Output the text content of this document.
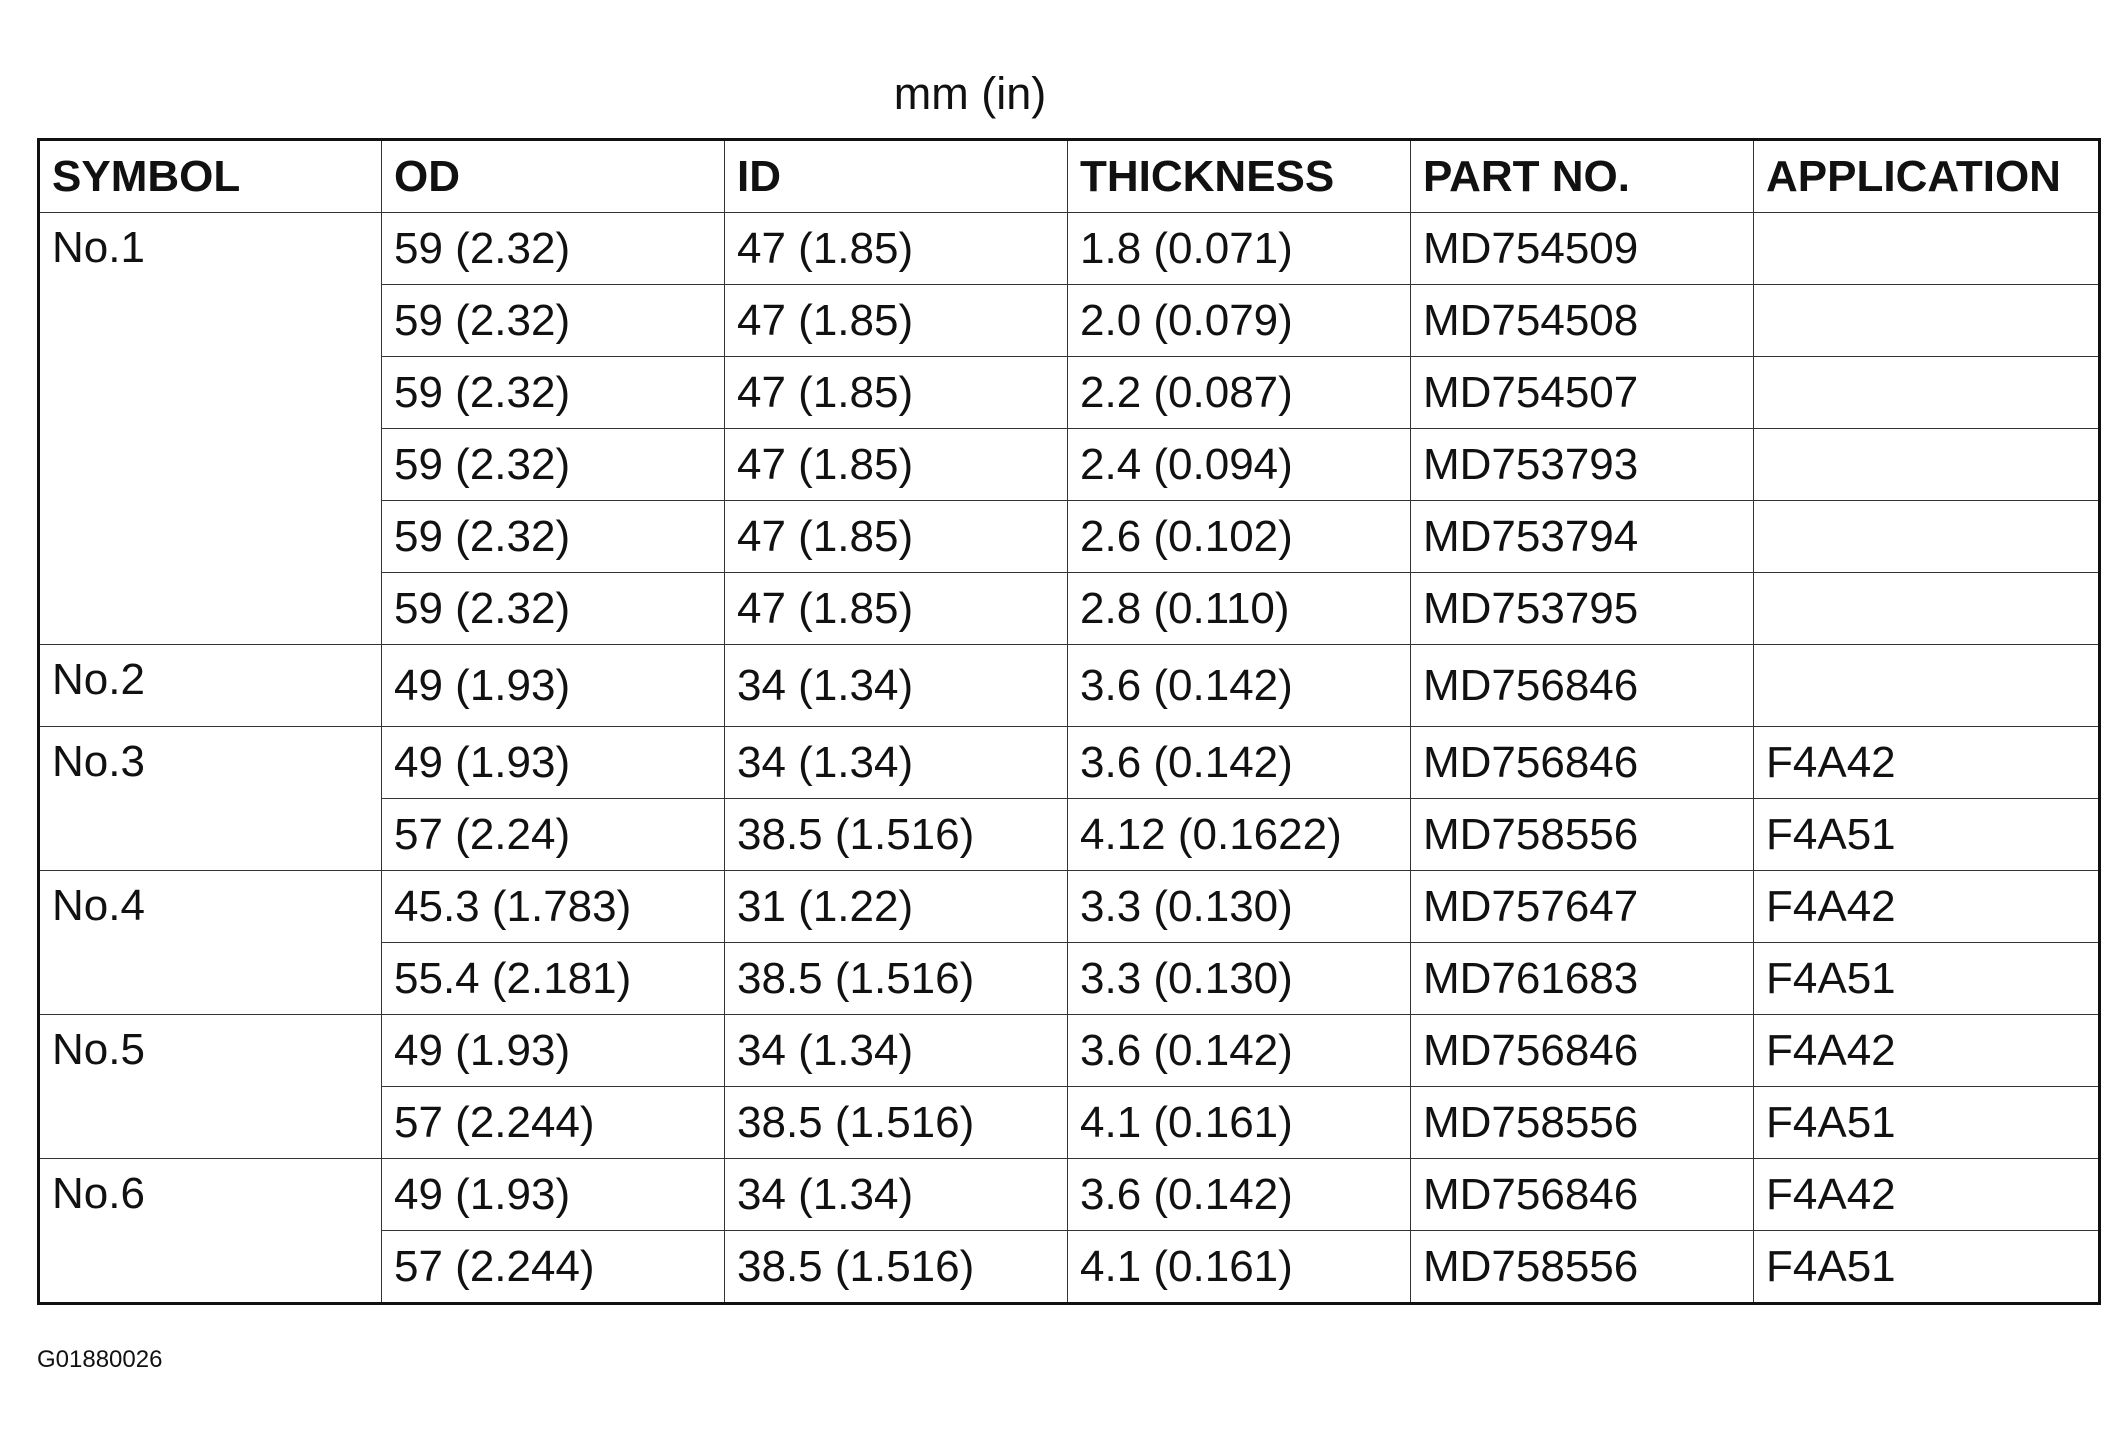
mm (in)
SYMBOL	OD	ID	THICKNESS	PART NO.	APPLICATION
No.1	59 (2.32)	47 (1.85)	1.8 (0.071)	MD754509	
	59 (2.32)	47 (1.85)	2.0 (0.079)	MD754508	
	59 (2.32)	47 (1.85)	2.2 (0.087)	MD754507	
	59 (2.32)	47 (1.85)	2.4 (0.094)	MD753793	
	59 (2.32)	47 (1.85)	2.6 (0.102)	MD753794	
	59 (2.32)	47 (1.85)	2.8 (0.110)	MD753795	
No.2	49 (1.93)	34 (1.34)	3.6 (0.142)	MD756846	
No.3	49 (1.93)	34 (1.34)	3.6 (0.142)	MD756846	F4A42
	57 (2.24)	38.5 (1.516)	4.12 (0.1622)	MD758556	F4A51
No.4	45.3 (1.783)	31 (1.22)	3.3 (0.130)	MD757647	F4A42
	55.4 (2.181)	38.5 (1.516)	3.3 (0.130)	MD761683	F4A51
No.5	49 (1.93)	34 (1.34)	3.6 (0.142)	MD756846	F4A42
	57 (2.244)	38.5 (1.516)	4.1 (0.161)	MD758556	F4A51
No.6	49 (1.93)	34 (1.34)	3.6 (0.142)	MD756846	F4A42
	57 (2.244)	38.5 (1.516)	4.1 (0.161)	MD758556	F4A51
G01880026
